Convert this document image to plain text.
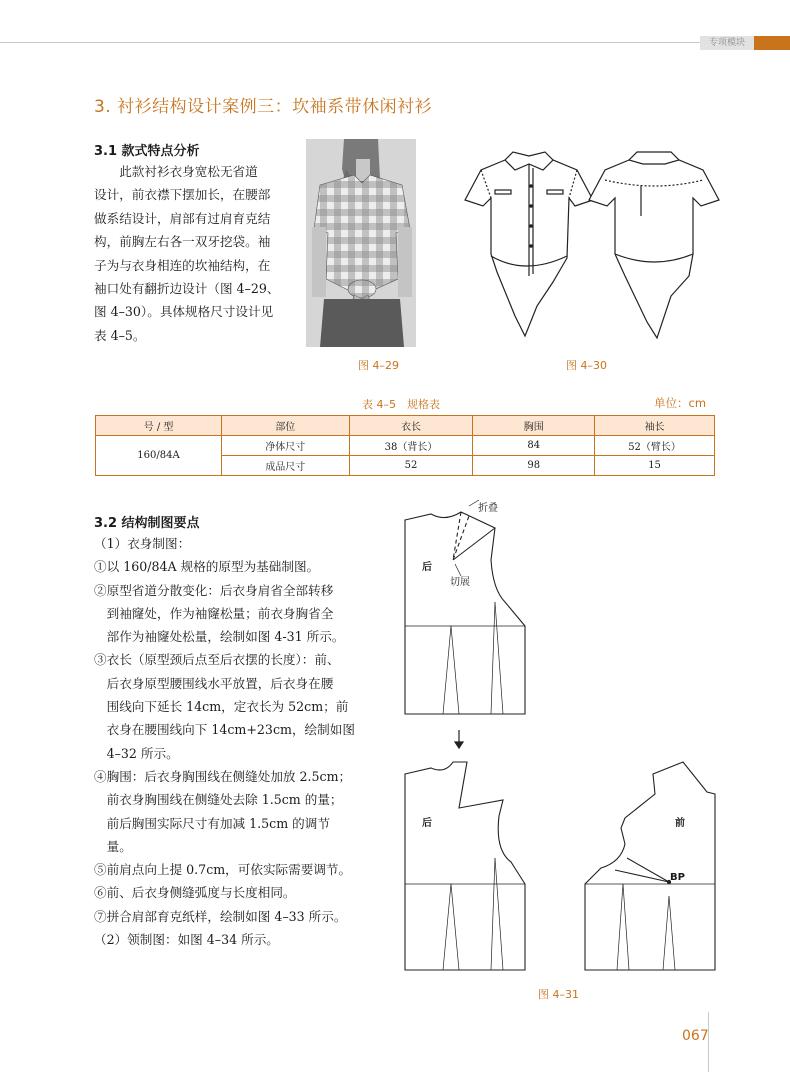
专项模块
3. 衬衫结构设计案例三：坎袖系带休闲衬衫
3.1 款式特点分析
　　此款衬衫衣身宽松无省道
设计，前衣襟下摆加长，在腰部
做系结设计，肩部有过肩育克结
构，前胸左右各一双牙挖袋。袖
子为与衣身相连的坎袖结构，在
袖口处有翻折边设计（图 4–29、
图 4–30）。具体规格尺寸设计见
表 4–5。
图 4–29	图 4–30
表 4–5　规格表	单位：cm
号 / 型	部位	衣长	胸围	袖长
160/84A	净体尺寸	38（背长）	84	52（臂长）
	成品尺寸	52	98	15
3.2 结构制图要点
（1）衣身制图：
①以 160/84A 规格的原型为基础制图。
②原型省道分散变化：后衣身肩省全部转移
　到袖窿处，作为袖窿松量；前衣身胸省全
　部作为袖窿处松量，绘制如图 4-31 所示。
③衣长（原型颈后点至后衣摆的长度）：前、
　后衣身原型腰围线水平放置，后衣身在腰
　围线向下延长 14cm，定衣长为 52cm；前
　衣身在腰围线向下 14cm+23cm，绘制如图
　4–32 所示。
④胸围：后衣身胸围线在侧缝处加放 2.5cm；
　前衣身胸围线在侧缝处去除 1.5cm 的量；
　前后胸围实际尺寸有加减 1.5cm 的调节
　量。
⑤前肩点向上提 0.7cm，可依实际需要调节。
⑥前、后衣身侧缝弧度与长度相同。
⑦拼合肩部育克纸样，绘制如图 4–33 所示。
（2）领制图：如图 4–34 所示。
折叠
切展
后
后	前
BP
图 4–31
067
